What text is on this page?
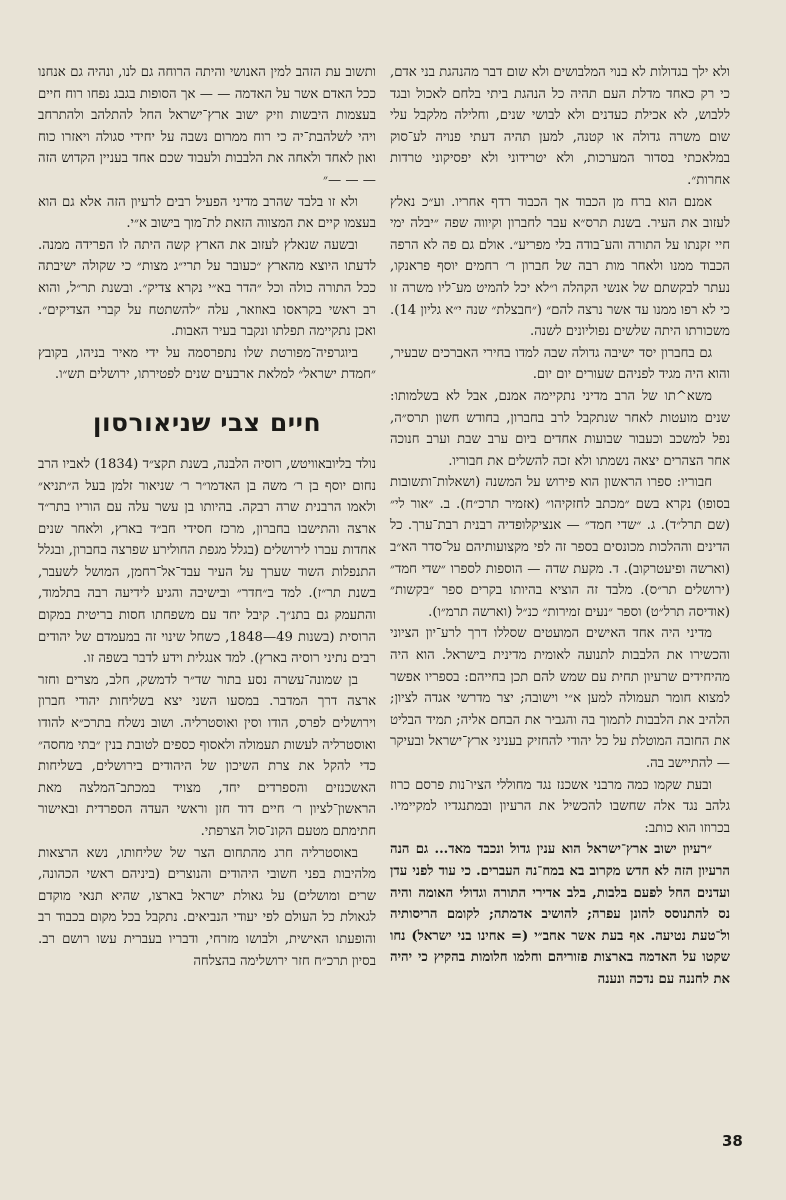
ולא ילך בגדולות לא בנוי המלבושים ולא שום דבר מהנהגת בני אדם, כי רק כאחד מדלת העם תהיה כל הנהגת ביתי בלחם לאכול ובגד ללבוש, לא אכילת כעדנים ולא לבושי שנים, וחלילה מלקבל עלי שום משרה גדולה או קטנה, למען תהיה דעתי פנויה לע־סוק במלאכתי בסדור המערכות, ולא יטרידוני ולא יפסיקוני טרדות אחרות״.

אמנם הוא ברח מן הכבוד אך הכבוד רדף אחריו. וע״כ נאלץ לעזוב את העיר. בשנת תרס״א עבר לחברון וקיווה שפה ״יבלה ימי חיי זקנתו על התורה והע־בודה בלי מפריע״. אולם גם פה לא הרפה הכבוד ממנו ולאחר מות רבה של חברון ר׳ רחמים יוסף פראנקו, נעתר לבקשתם של אנשי הקהלה ו״לא יכל להמיט מע־ליו משרה זו כי לא רפו ממנו עד אשר נרצה להם״ (״חבצלת״ שנה י״א גליון 14). משכורתו היתה שלשים נפוליונים לשנה.

גם בחברון יסד ישיבה גדולה שבה למדו בחירי האברכים שבעיר, והוא היה מגיד לפניהם שעורים יום יום.

משא^תו של הרב מדיני נתקיימה אמנם, אבל לא בשלמותו: שנים מועטות לאחר שנתקבל לרב בחברון, בחודש חשון תרס״ה, נפל למשכב וכעבור שבועות אחדים ביום ערב שבת וערב חנוכה אחר הצהרים יצאה נשמתו ולא זכה להשלים את חבוריו.

חבוריו: ספרו הראשון הוא פירוש על המשנה (ושאלות־ותשובות בסופו) נקרא בשם ״מכתב לחזקיהו״ (אזמיר תרכ״ח). ב. ״אור לי״ (שם תרל״ד). ג. ״שדי חמד״ — אנציקלופדיה רבנית רבת־ערך. כל הדינים וההלכות מכונסים בספר זה לפי מקצועותיהם על־סדר הא״ב (וארשה ופיעטרקוב). ד. מקעת שדה — הוספות לספרו ״שדי חמד״ (ירושלים תר״ס). מלבד זה הוציא בהיותו בקרים ספר ״בקשות״ (אודיסה תרל״ט) וספר ״נעים זמירות״ כנ״ל (וארשה תרמ״ו).

מדיני היה אחד האישים המועטים שסללו דרך לרע־יון הציוני והכשירו את הלבבות לתנועה לאומית מדינית בישראל. הוא היה מהיחידים שרעיון תחית עם שמש להם תכן בחייהם: בספריו אפשר למצוא חומר תעמולה למען א״י וישובה; יצר מדרשי אגדה לציון; הלהיב את הלבבות לתמוך בה והגביר את הבחם אליה; תמיד הבליט את החובה המוטלת על כל יהודי להחזיק בעניני ארץ־ישראל ובעיקר — להתיישב בה.

ובעת שקמו כמה מרבני אשכנז נגד מחוללי הציו־נות פרסם כרוז גלהב נגד אלה שחשבו להכשיל את הרעיון ובמתנגדיו למקיימיו. בכרוזו הוא כותב:

״רעיון ישוב ארץ־ישראל הוא ענין גדול ונכבד מאד... גם הנה הרעיון הזה לא חדש מקרוב בא במח־נה העברים. כי עוד לפני עדן ועדנים החל לפעם בלבות, בלב אדירי התורה וגדולי האומה והיה נס להתנוסס להונן עפרה; להושיב אדמתה; לקומם הריסותיה ול־טעת נטיעה. אף בעת אשר אחב״י (= אחינו בני ישראל) נחו שקטו על האדמה בארצות פזוריהם וחלמו חלומות בהקיץ כי יהיה את לחננה עם נדכה ונענה

ותשוב עת הזהב למין האנושי והיתה הרוחה גם לנו, ונהיה גם אנחנו ככל האדם אשר על האדמה — — אך הסופות בגבג נפחו רוח חיים בעצמות היבשות וזיק ישוב ארץ־ישראל החל להתלהב ולהתרחב ויהי לשלהבת־יה כי רוח ממרום נשבה על יחידי סגולה ויאזרו כוח ואון לאחד ולאחה את הלבבות ולעבוד שכם אחד בעניין הקדוש הזה — — —״

ולא זו בלבד שהרב מדיני הפעיל רבים לרעיון הזה אלא גם הוא בעצמו קיים את המצווה הזאת לת־מוך בישוב א״י.

ובשעה שנאלץ לעזוב את הארץ קשה היתה לו הפרידה ממנה. לדעתו היוצא מהארץ ״כעובר על תרי״ג מצות״ כי שקולה ישיבתה ככל התורה כולה וכל ״הדר בא״י נקרא צדיק״. ובשנת תר״ל, והוא רב ראשי בקראסו באוזאר, עלה ״להשתטח על קברי הצדיקים״. ואכן נתקיימה תפלתו ונקבר בעיר האבות.

ביוגרפיה־מפורטת שלו נתפרסמה על ידי מאיר בניהו, בקובץ ״חמדת ישראל״ למלאת ארבעים שנים לפטירתו, ירושלים תש״ו.

חיים צבי שניאורסון

נולד בליובאוויטש, רוסיה הלבנה, בשנת תקצ״ד (1834) לאביו הרב נחום יוסף בן ר׳ משה בן האדמו״ר ר׳ שניאור זלמן בעל ה״תניא״ ולאמו הרבנית שרה רבקה. בהיותו בן עשר עלה עם הוריו בתר״ד ארצה והתישבו בחברון, מרכז חסידי חב״ד בארץ, ולאחר שנים אחדות עברו לירושלים (בגלל מגפת החולירע שפרצה בחברון, ובגלל התנפלות השוד שערך על העיר עבד־אל־רחמן, המושל לשעבר, בשנת תר״ז). למד ב״חדר״ ובישיבה והגיע לידיעה רבה בתלמוד, והתעמק גם בתנ״ך. קיבל יחד עם משפחתו חסות בריטית במקום הרוסית (בשנות 49—1848, כשחל שינוי זה במעמדם של יהודים רבים נתיני רוסיה בארץ). למד אנגלית וידע לדבר בשפה זו.

בן שמונה־עשרה נסע בתור שד״ר לדמשק, חלב, מצרים וחזר ארצה דרך המדבר. במסעו השני יצא בשליחות יהודי חברון וירושלים לפרס, הודו וסין ואוסטרליה. ושוב נשלח בתרכ״א להודו ואוסטרליה לעשות תעמולה ולאסוף כספים לטובת בנין ״בתי מחסה״ כדי להקל את צרת השיכון של היהודים בירושלים, בשליחות האשכנזים והספרדים יחד, מצויד במכתב־המלצה מאת הראשון־לציון ר׳ חיים דוד חזן וראשי העדה הספרדית ובאישור חתימתם מטעם הקונ־סול הצרפתי.

באוסטרליה חרג מהתחום הצר של שליחותו, נשא הרצאות מלהיבות בפני חשובי היהודים והנוצרים (ביניהם ראשי הכהונה, שרים ומושלים) על גאולת ישראל בארצו, שהיא תנאי מוקדם לגאולת כל העולם לפי יעודי הנביאים. נתקבל בכל מקום בכבוד רב והופעתו האישית, ולבושו מזרחי, ודבריו בעברית עשו רושם רב. בסיון תרכ״ח חזר ירושלימה בהצלחה

38
